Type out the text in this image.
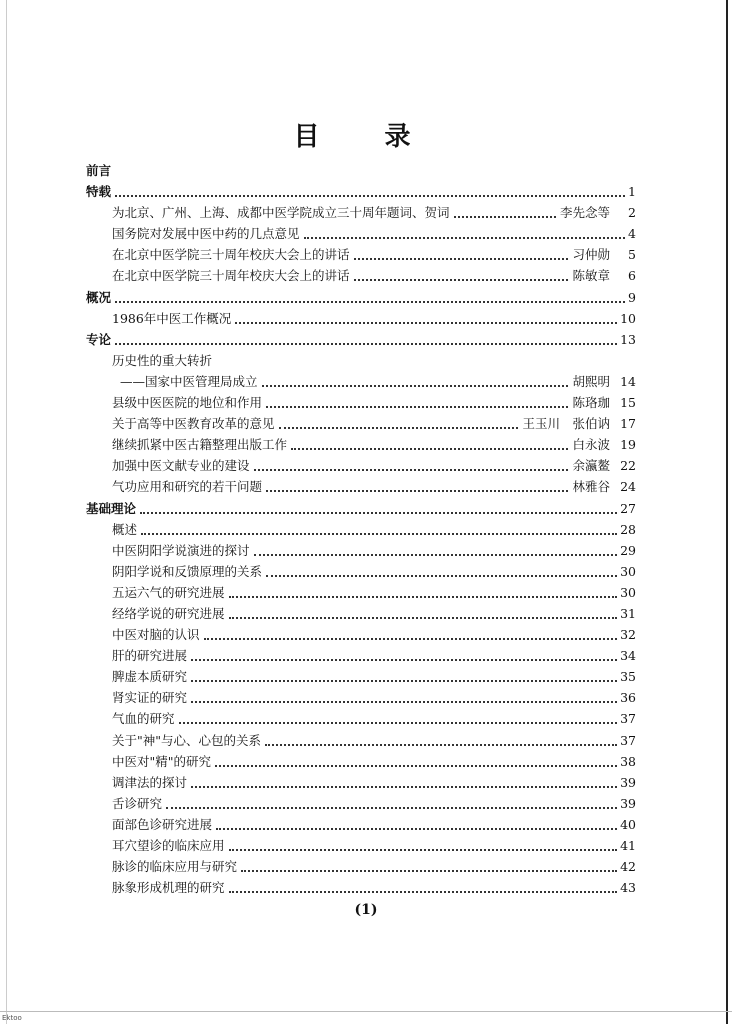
目 录
前言
特载	1
为北京、广州、上海、成都中医学院成立三十周年题词、贺词	李先念等 2
国务院对发展中医中药的几点意见	4
在北京中医学院三十周年校庆大会上的讲话	习仲勋 5
在北京中医学院三十周年校庆大会上的讲话	陈敏章 6
概况	9
1986年中医工作概况	10
专论	13
历史性的重大转折
——国家中医管理局成立	胡熙明 14
县级中医医院的地位和作用	陈珞珈 15
关于高等中医教育改革的意见	王玉川　张伯讷 17
继续抓紧中医古籍整理出版工作	白永波 19
加强中医文献专业的建设	余瀛鳌 22
气功应用和研究的若干问题	林雅谷 24
基础理论	27
概述	28
中医阴阳学说演进的探讨	29
阴阳学说和反馈原理的关系	30
五运六气的研究进展	30
经络学说的研究进展	31
中医对脑的认识	32
肝的研究进展	34
脾虚本质研究	35
肾实证的研究	36
气血的研究	37
关于"神"与心、心包的关系	37
中医对"精"的研究	38
调津法的探讨	39
舌诊研究	39
面部色诊研究进展	40
耳穴望诊的临床应用	41
脉诊的临床应用与研究	42
脉象形成机理的研究	43
(1)
Ektoo
